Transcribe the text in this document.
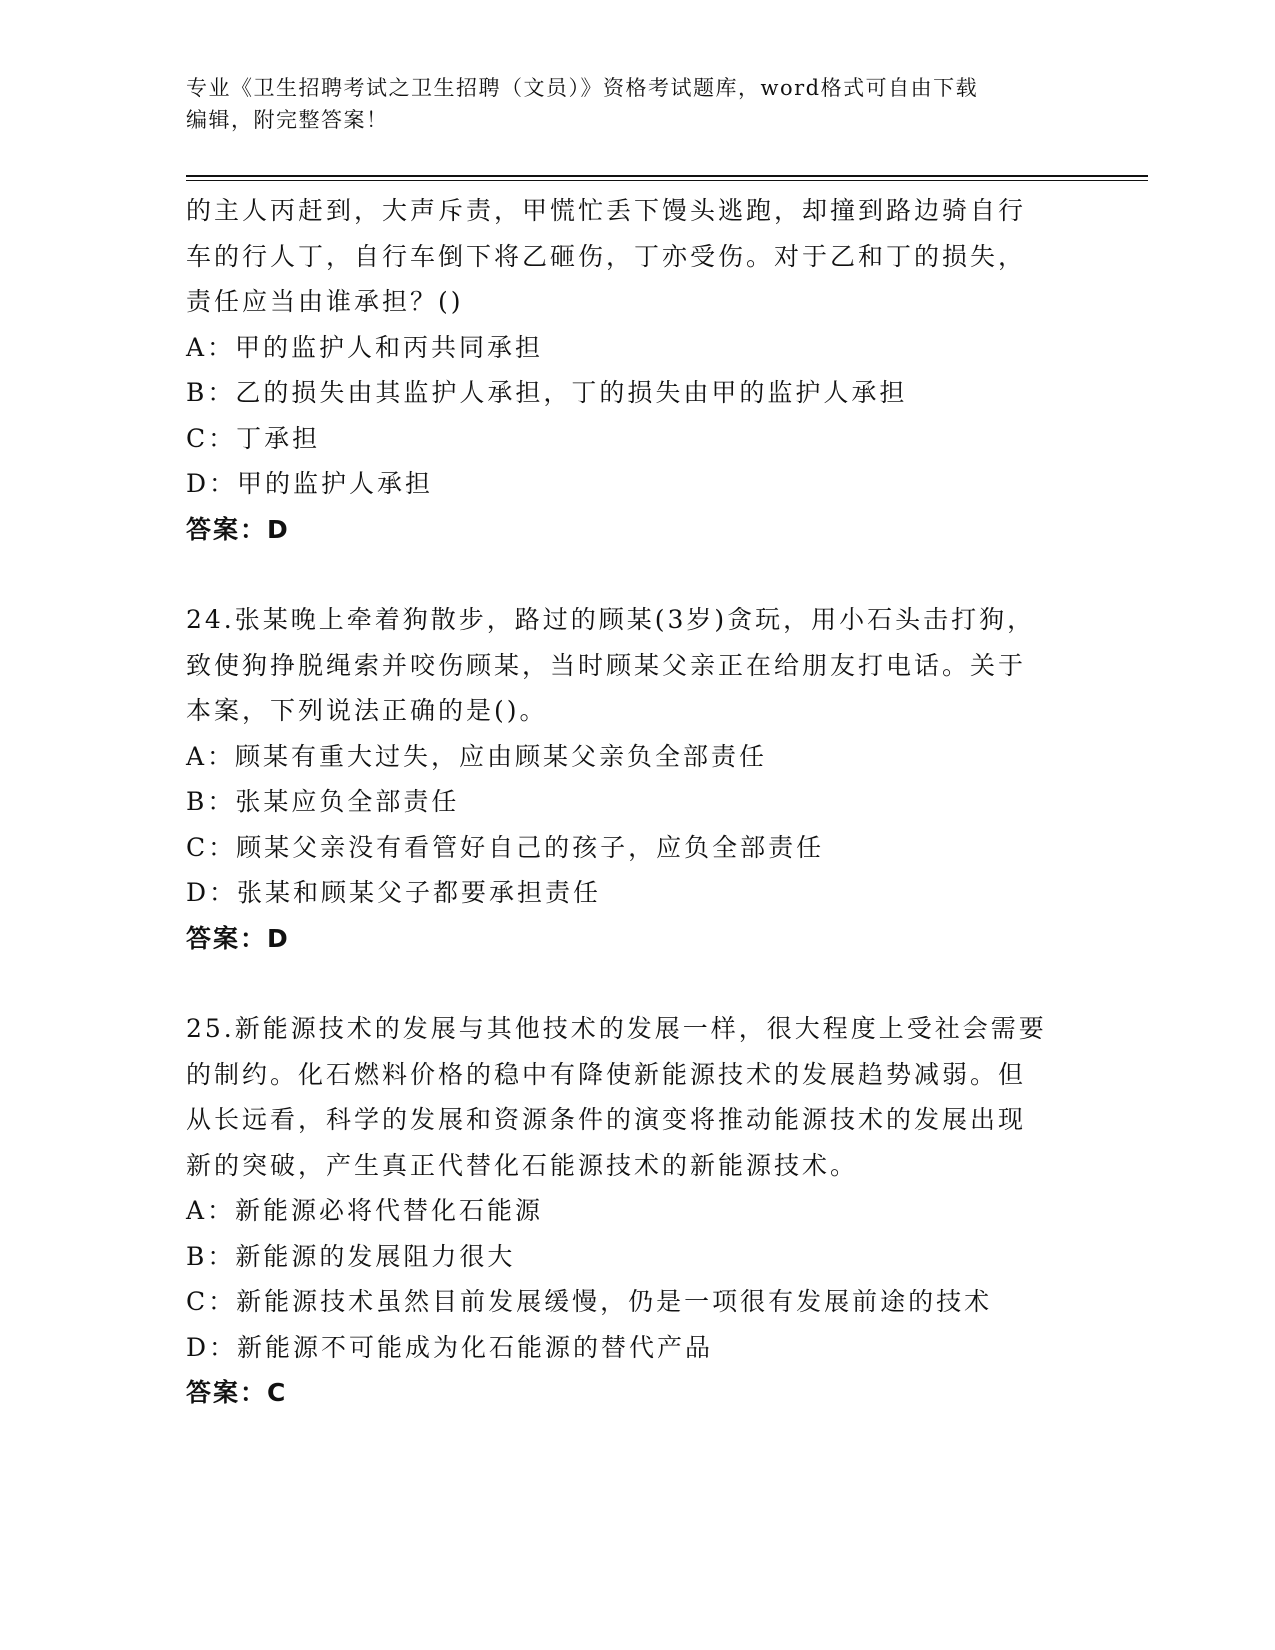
专业《卫生招聘考试之卫生招聘（文员）》资格考试题库，word格式可自由下载
编辑，附完整答案！
的主人丙赶到，大声斥责，甲慌忙丢下馒头逃跑，却撞到路边骑自行
车的行人丁，自行车倒下将乙砸伤，丁亦受伤。对于乙和丁的损失，
责任应当由谁承担？()
A：甲的监护人和丙共同承担
B：乙的损失由其监护人承担，丁的损失由甲的监护人承担
C：丁承担
D：甲的监护人承担
答案：D
24.张某晚上牵着狗散步，路过的顾某(3岁)贪玩，用小石头击打狗，
致使狗挣脱绳索并咬伤顾某，当时顾某父亲正在给朋友打电话。关于
本案，下列说法正确的是()。
A：顾某有重大过失，应由顾某父亲负全部责任
B：张某应负全部责任
C：顾某父亲没有看管好自己的孩子，应负全部责任
D：张某和顾某父子都要承担责任
答案：D
25.新能源技术的发展与其他技术的发展一样，很大程度上受社会需要
的制约。化石燃料价格的稳中有降使新能源技术的发展趋势减弱。但
从长远看，科学的发展和资源条件的演变将推动能源技术的发展出现
新的突破，产生真正代替化石能源技术的新能源技术。
A：新能源必将代替化石能源
B：新能源的发展阻力很大
C：新能源技术虽然目前发展缓慢，仍是一项很有发展前途的技术
D：新能源不可能成为化石能源的替代产品
答案：C
